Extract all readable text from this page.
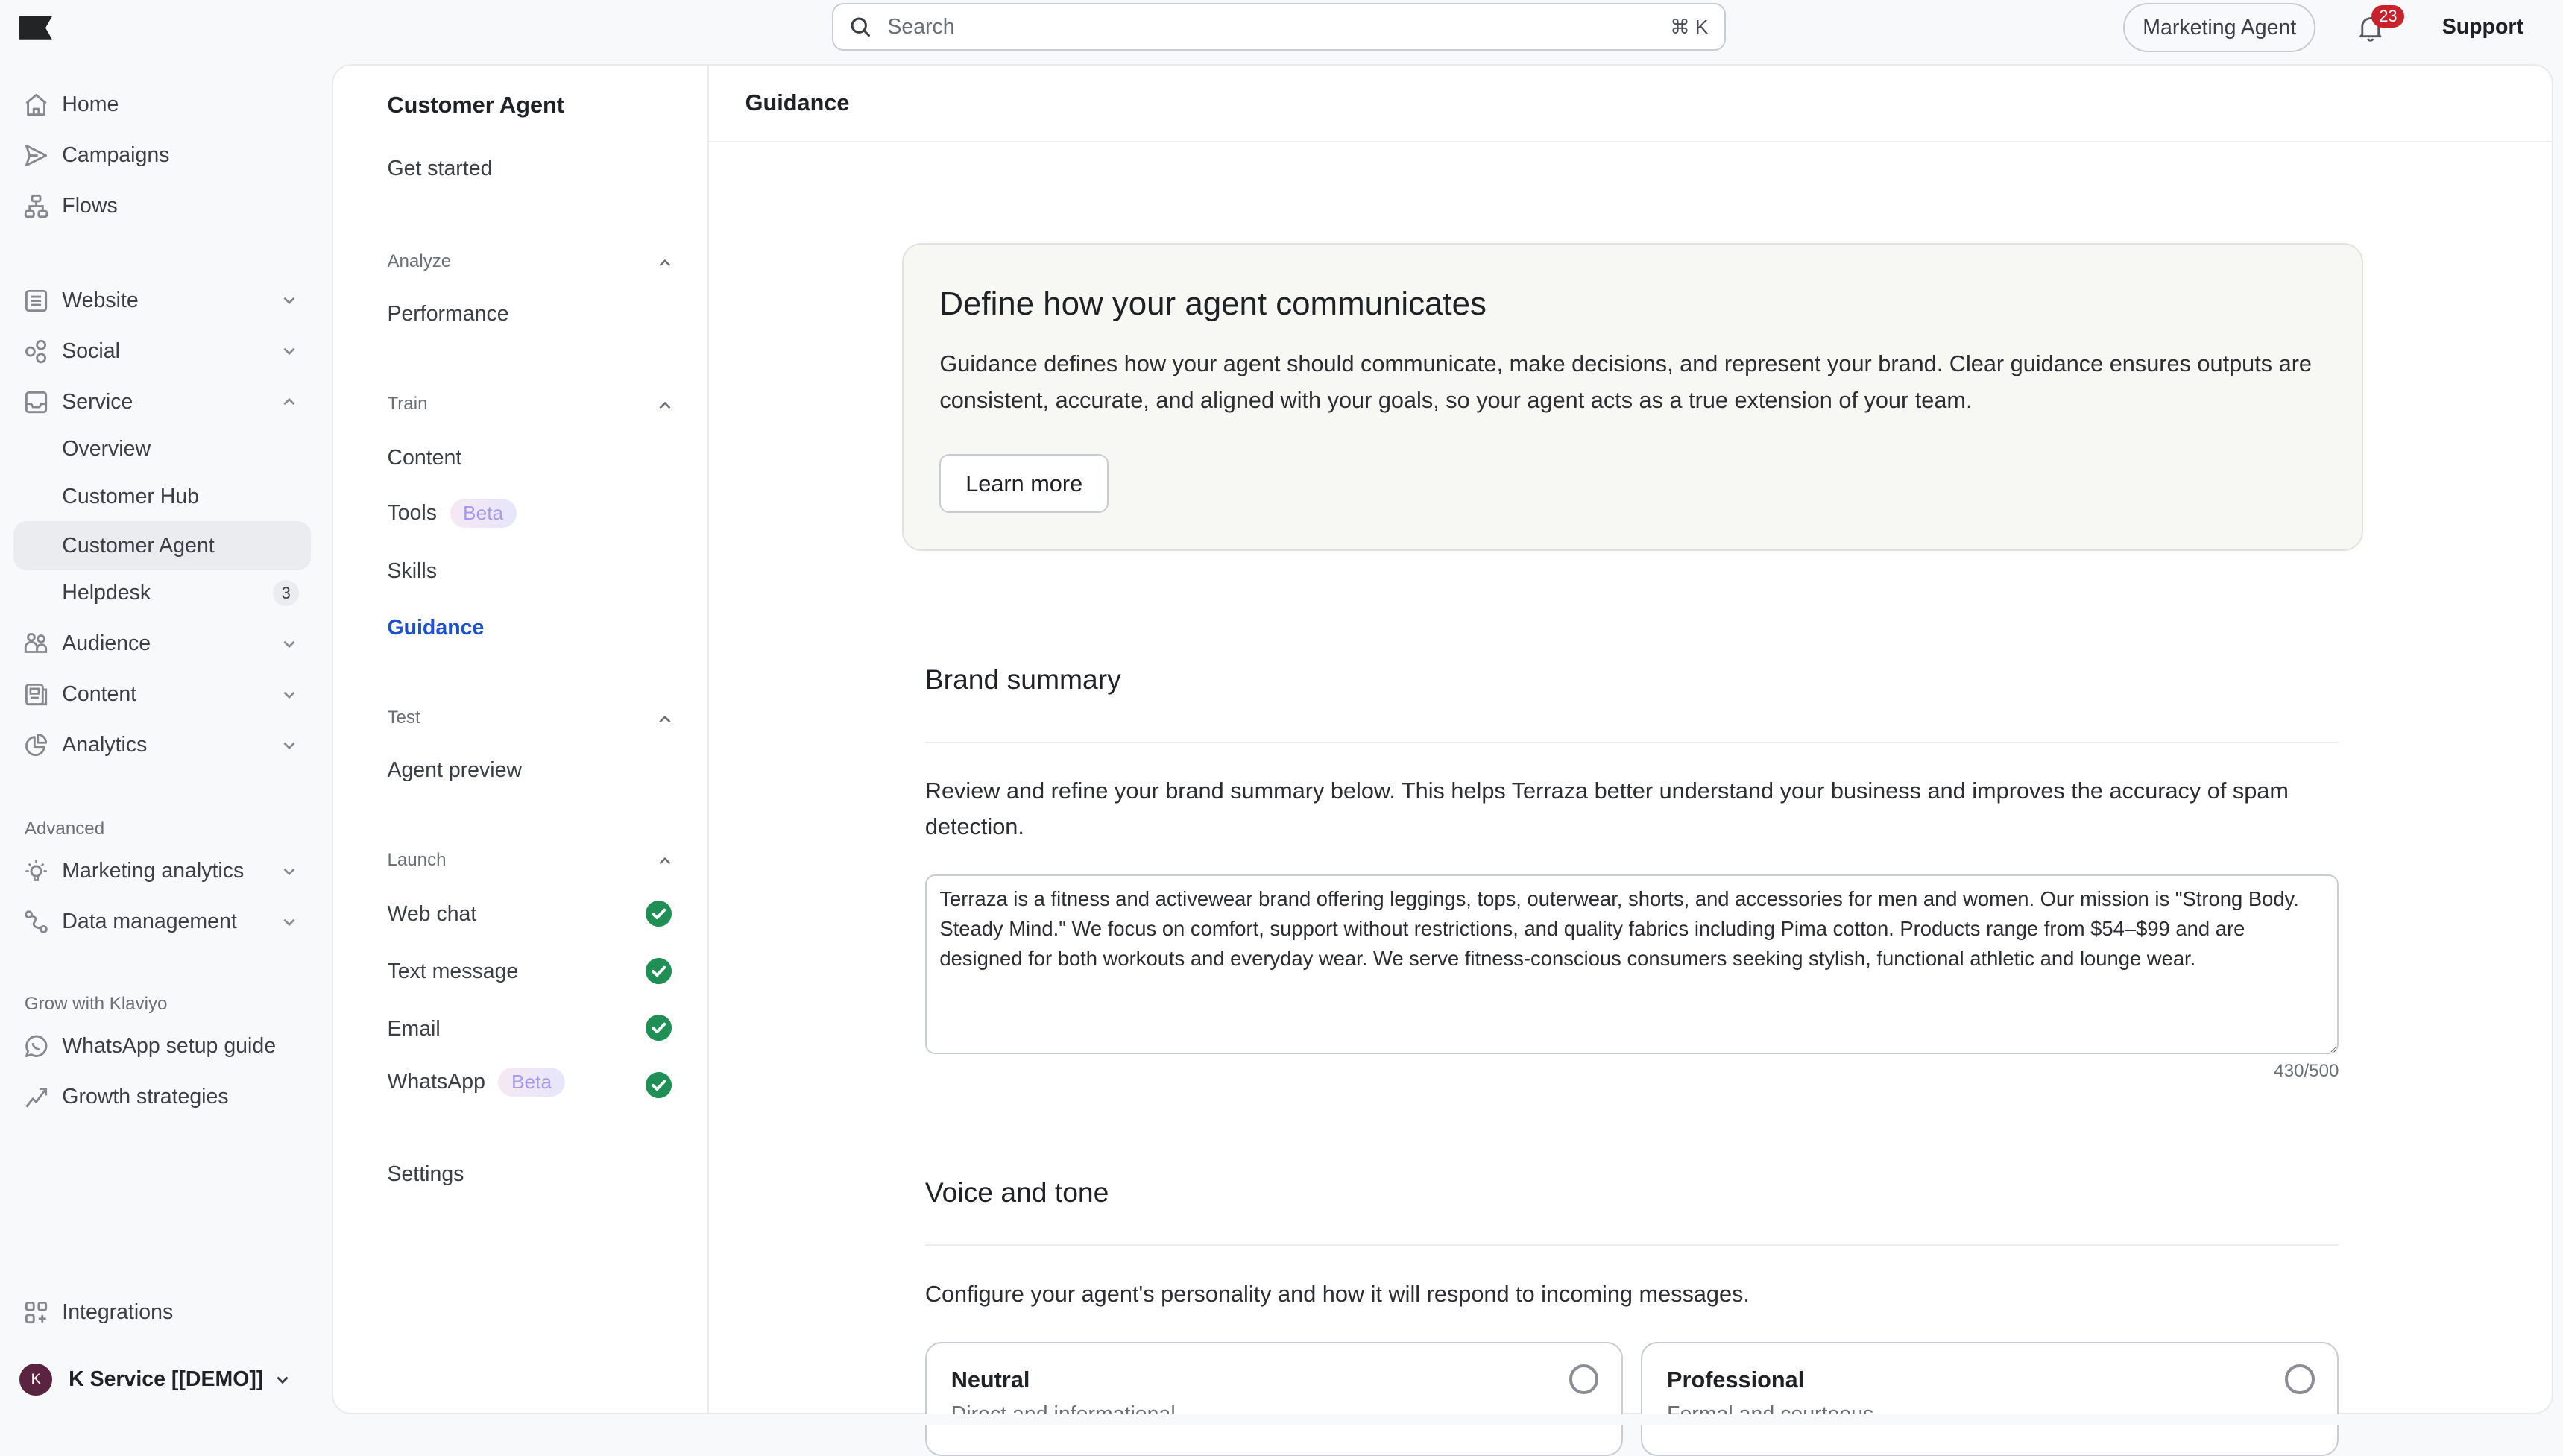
Search
⌘ K	Marketing Agent	23	Support
Home
Campaigns
Flows
Website
Social
Service
Overview
Customer Hub
Customer Agent
Helpdesk	3
Audience
Content
Analytics
Advanced
Marketing analytics
Data management
Grow with Klaviyo
WhatsApp setup guide
Growth strategies
Integrations
K	K Service [[DEMO]]
Customer Agent
Get started
Analyze
Performance
Train
Content
Tools	Beta
Skills
Guidance
Test
Agent preview
Launch
Web chat
Text message
Email
WhatsApp	Beta
Settings
Guidance
Define how your agent communicates
Guidance defines how your agent should communicate, make decisions, and represent your brand. Clear guidance ensures outputs are consistent, accurate, and aligned with your goals, so your agent acts as a true extension of your team.
Learn more
Brand summary
Review and refine your brand summary below. This helps Terraza better understand your business and improves the accuracy of spam detection.
Terraza is a fitness and activewear brand offering leggings, tops, outerwear, shorts, and accessories for men and women. Our mission is "Strong Body. Steady Mind." We focus on comfort, support without restrictions, and quality fabrics including Pima cotton. Products range from $54–$99 and are designed for both workouts and everyday wear. We serve fitness-conscious consumers seeking stylish, functional athletic and lounge wear.
430/500
Voice and tone
Configure your agent's personality and how it will respond to incoming messages.
Neutral	Professional
